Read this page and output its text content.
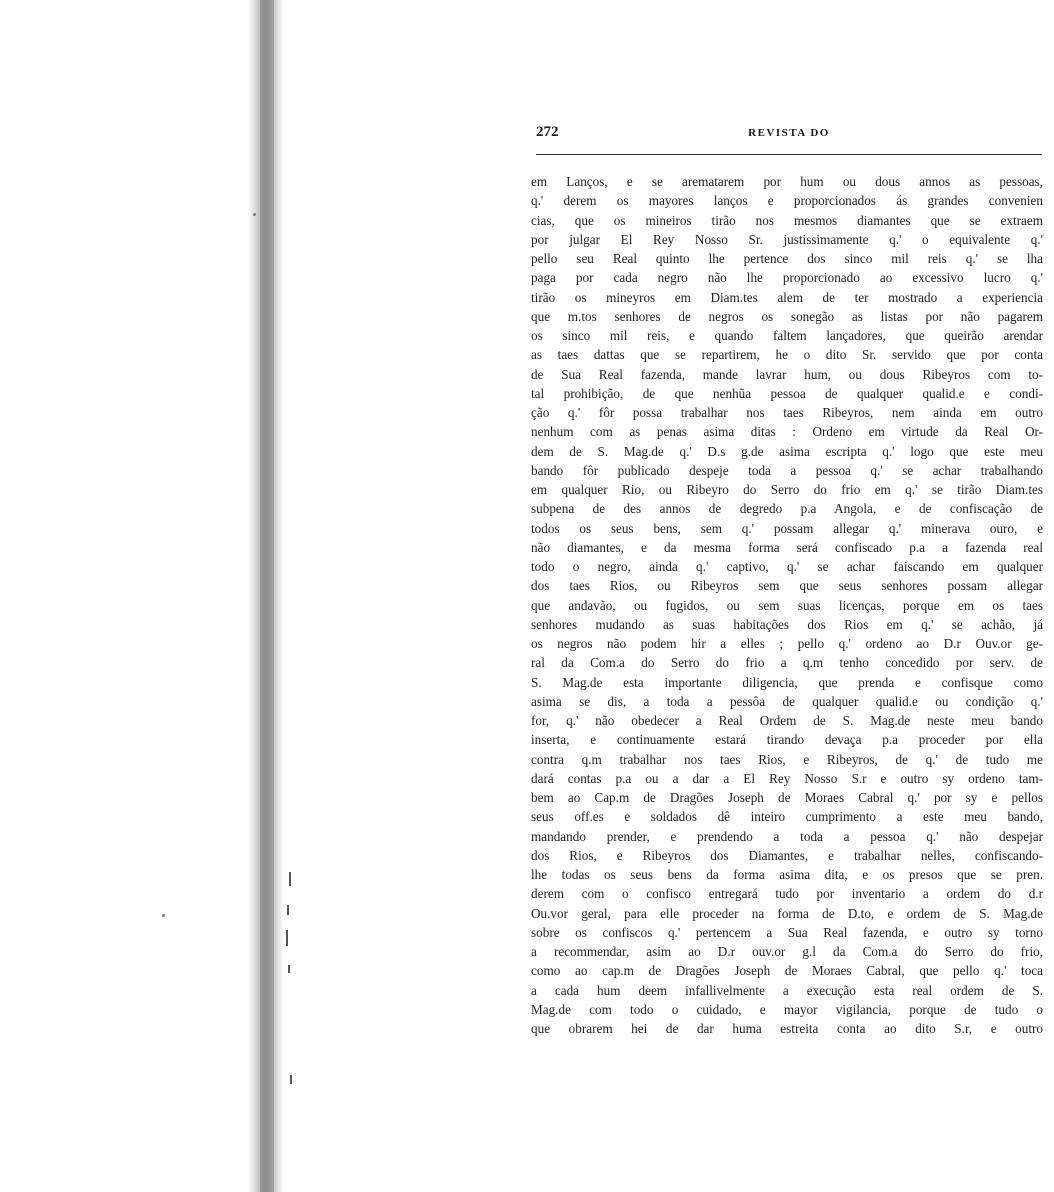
272	REVISTA DO
em Lanços, e se arematarem por hum ou dous annos as pessoas,
q.' derem os mayores lanços e proporcionados ás grandes convenien
cias, que os mineiros tirão nos mesmos diamantes que se extraem
por julgar El Rey Nosso Sr. justissimamente q.' o equivalente q.'
pello seu Real quinto lhe pertence dos sinco mil reis q.' se lha
paga por cada negro não lhe proporcionado ao excessivo lucro q.'
tirão os mineyros em Diam.tes alem de ter mostrado a experiencia
que m.tos senhores de negros os sonegão as listas por não pagarem
os sinco mil reis, e quando faltem lançadores, que queirão arendar
as taes dattas que se repartirem, he o dito Sr. servido que por conta
de Sua Real fazenda, mande lavrar hum, ou dous Ribeyros com to-
tal prohibição, de que nenhũa pessoa de qualquer qualid.e e condi-
ção q.' fôr possa trabalhar nos taes Ribeyros, nem ainda em outro
nenhum com as penas asima ditas : Ordeno em virtude da Real Or-
dem de S. Mag.de q.' D.s g.de asima escripta q.' logo que este meu
bando fôr publicado despeje toda a pessoa q.' se achar trabalhando
em qualquer Rio, ou Ribeyro do Serro do frio em q.' se tirão Diam.tes
subpena de des annos de degredo p.a Angola, e de confiscação de
todos os seus bens, sem q.' possam allegar q.' minerava ouro, e
não diamantes, e da mesma forma será confiscado p.a a fazenda real
todo o negro, ainda q.' captivo, q.' se achar faiscando em qualquer
dos taes Rios, ou Ribeyros sem que seus senhores possam allegar
que andavão, ou fugidos, ou sem suas licenças, porque em os taes
senhores mudando as suas habitações dos Rios em q.' se achão, já
os negros não podem hir a elles ; pello q.' ordeno ao D.r Ouv.or ge-
ral da Com.a do Serro do frio a q.m tenho concedido por serv. de
S. Mag.de esta importante diligencia, que prenda e confisque como
asima se dis, a toda a pessôa de qualquer qualid.e ou condição q.'
for, q.' não obedecer a Real Ordem de S. Mag.de neste meu bando
inserta, e continuamente estará tirando devaça p.a proceder por ella
contra q.m trabalhar nos taes Rios, e Ribeyros, de q.' de tudo me
dará contas p.a ou a dar a El Rey Nosso S.r e outro sy ordeno tam-
bem ao Cap.m de Dragões Joseph de Moraes Cabral q.' por sy e pellos
seus off.es e soldados dê inteiro cumprimento a este meu bando,
mandando prender, e prendendo a toda a pessoa q.' não despejar
dos Rios, e Ribeyros dos Diamantes, e trabalhar nelles, confiscando-
lhe todas os seus bens da forma asima dita, e os presos que se pren.
derem com o confisco entregará tudo por inventario a ordem do d.r
Ou.vor geral, para elle proceder na forma de D.to, e ordem de S. Mag.de
sobre os confiscos q.' pertencem a Sua Real fazenda, e outro sy torno
a recommendar, asim ao D.r ouv.or g.l da Com.a do Serro do frio,
como ao cap.m de Dragões Joseph de Moraes Cabral, que pello q.' toca
a cada hum deem infallivelmente a execução esta real ordem de S.
Mag.de com todo o cuidado, e mayor vigilancia, porque de tudo o
que obrarem hei de dar huma estreita conta ao dito S.r, e outro
